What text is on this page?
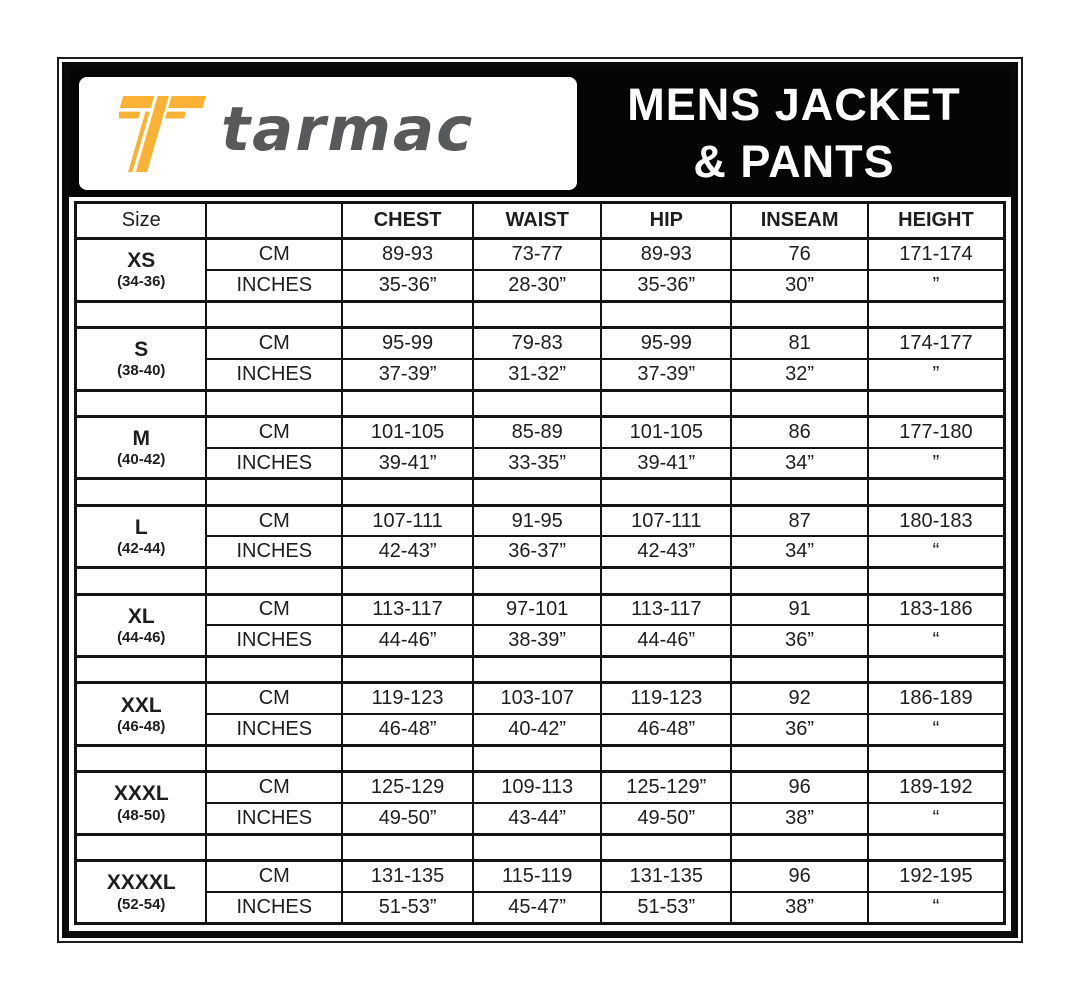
tarmac	MENS JACKET
& PANTS
Size		CHEST	WAIST	HIP	INSEAM	HEIGHT

XS
(34-36)	CM	89-93	73-77	89-93	76	171-174
	INCHES	35-36”	28-30”	35-36”	30”	”

S
(38-40)	CM	95-99	79-83	95-99	81	174-177
	INCHES	37-39”	31-32”	37-39”	32”	”

M
(40-42)	CM	101-105	85-89	101-105	86	177-180
	INCHES	39-41”	33-35”	39-41”	34”	”

L
(42-44)	CM	107-111	91-95	107-111	87	180-183
	INCHES	42-43”	36-37”	42-43”	34”	“

XL
(44-46)	CM	113-117	97-101	113-117	91	183-186
	INCHES	44-46”	38-39”	44-46”	36”	“

XXL
(46-48)	CM	119-123	103-107	119-123	92	186-189
	INCHES	46-48”	40-42”	46-48”	36”	“

XXXL
(48-50)	CM	125-129	109-113	125-129”	96	189-192
	INCHES	49-50”	43-44”	49-50”	38”	“

XXXXL
(52-54)	CM	131-135	115-119	131-135	96	192-195
	INCHES	51-53”	45-47”	51-53”	38”	“
